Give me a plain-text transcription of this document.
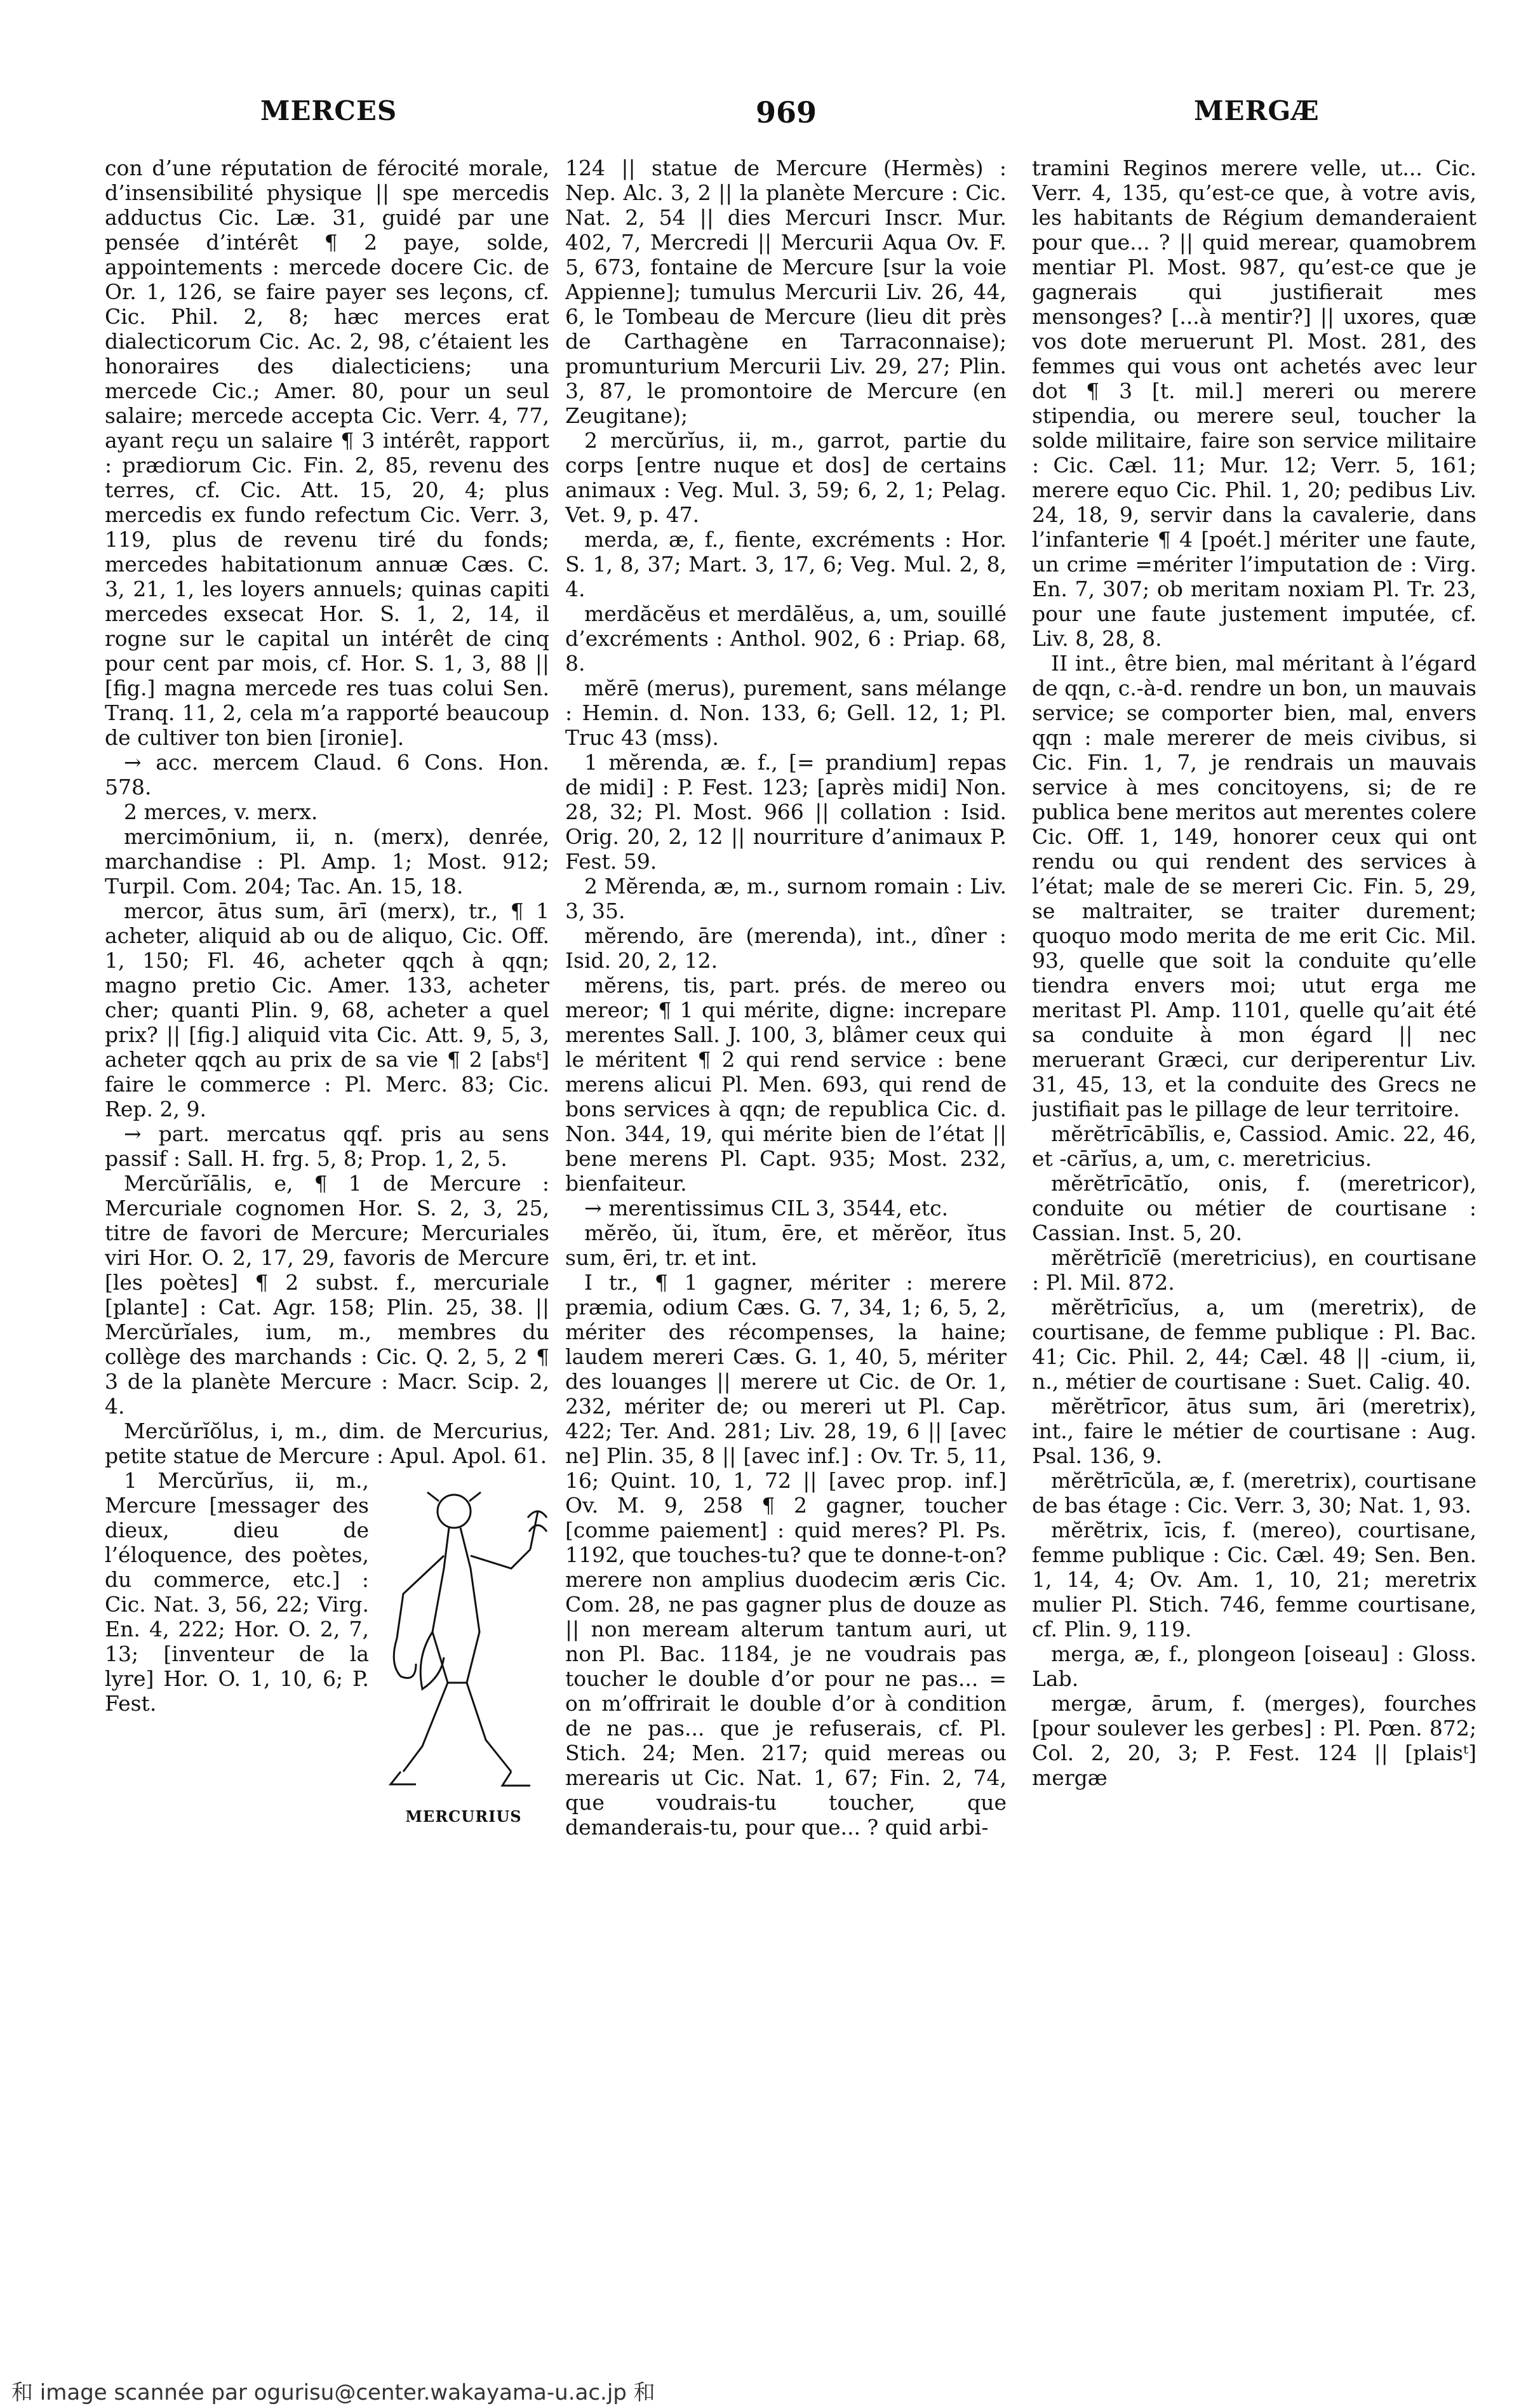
MERCES	969	MERGÆ

con d’une réputation de férocité morale, d’insensibilité physique || spe mercedis adductus Cic. Læ. 31, guidé par une pensée d’intérêt ¶ 2 paye, solde, appointements : mercede docere Cic. de Or. 1, 126, se faire payer ses leçons, cf. Cic. Phil. 2, 8; hæc merces erat dialecticorum Cic. Ac. 2, 98, c’étaient les honoraires des dialecticiens; una mercede Cic.; Amer. 80, pour un seul salaire; mercede accepta Cic. Verr. 4, 77, ayant reçu un salaire ¶ 3 intérêt, rapport : prædiorum Cic. Fin. 2, 85, revenu des terres, cf. Cic. Att. 15, 20, 4; plus mercedis ex fundo refectum Cic. Verr. 3, 119, plus de revenu tiré du fonds; mercedes habitationum annuæ Cæs. C. 3, 21, 1, les loyers annuels; quinas capiti mercedes exsecat Hor. S. 1, 2, 14, il rogne sur le capital un intérêt de cinq pour cent par mois, cf. Hor. S. 1, 3, 88 || [fig.] magna mercede res tuas colui Sen. Tranq. 11, 2, cela m’a rapporté beaucoup de cultiver ton bien [ironie].

→ acc. mercem Claud. 6 Cons. Hon. 578.

2 merces, v. merx.

mercimōnium, ii, n. (merx), denrée, marchandise : Pl. Amp. 1; Most. 912; Turpil. Com. 204; Tac. An. 15, 18.

mercor, ātus sum, ārī (merx), tr., ¶ 1 acheter, aliquid ab ou de aliquo, Cic. Off. 1, 150; Fl. 46, acheter qqch à qqn; magno pretio Cic. Amer. 133, acheter cher; quanti Plin. 9, 68, acheter a quel prix? || [fig.] aliquid vita Cic. Att. 9, 5, 3, acheter qqch au prix de sa vie ¶ 2 [absᵗ] faire le commerce : Pl. Merc. 83; Cic. Rep. 2, 9.

→ part. mercatus qqf. pris au sens passif : Sall. H. frg. 5, 8; Prop. 1, 2, 5.

Mercŭrĭālis, e, ¶ 1 de Mercure : Mercuriale cognomen Hor. S. 2, 3, 25, titre de favori de Mercure; Mercuriales viri Hor. O. 2, 17, 29, favoris de Mercure [les poètes] ¶ 2 subst. f., mercuriale [plante] : Cat. Agr. 158; Plin. 25, 38. || Mercŭrĭales, ium, m., membres du collège des marchands : Cic. Q. 2, 5, 2 ¶ 3 de la planète Mercure : Macr. Scip. 2, 4.

Mercŭrĭŏlus, i, m., dim. de Mercurius, petite statue de Mercure : Apul. Apol. 61.

MERCURIUS

1 Mercŭrĭus, ii, m., Mercure [messager des dieux, dieu de l’éloquence, des poètes, du commerce, etc.] : Cic. Nat. 3, 56, 22; Virg. En. 4, 222; Hor. O. 2, 7, 13; [inventeur de la lyre] Hor. O. 1, 10, 6; P. Fest.

124 || statue de Mercure (Hermès) : Nep. Alc. 3, 2 || la planète Mercure : Cic. Nat. 2, 54 || dies Mercuri Inscr. Mur. 402, 7, Mercredi || Mercurii Aqua Ov. F. 5, 673, fontaine de Mercure [sur la voie Appienne]; tumulus Mercurii Liv. 26, 44, 6, le Tombeau de Mercure (lieu dit près de Carthagène en Tarraconnaise); promunturium Mercurii Liv. 29, 27; Plin. 3, 87, le promontoire de Mercure (en Zeugitane);

2 mercŭrĭus, ii, m., garrot, partie du corps [entre nuque et dos] de certains animaux : Veg. Mul. 3, 59; 6, 2, 1; Pelag. Vet. 9, p. 47.

merda, æ, f., fiente, excréments : Hor. S. 1, 8, 37; Mart. 3, 17, 6; Veg. Mul. 2, 8, 4.

merdăcĕus et merdālĕus, a, um, souillé d’excréments : Anthol. 902, 6 : Priap. 68, 8.

mĕrē (merus), purement, sans mélange : Hemin. d. Non. 133, 6; Gell. 12, 1; Pl. Truc 43 (mss).

1 mĕrenda, æ. f., [= prandium] repas de midi] : P. Fest. 123; [après midi] Non. 28, 32; Pl. Most. 966 || collation : Isid. Orig. 20, 2, 12 || nourriture d’animaux P. Fest. 59.

2 Mĕrenda, æ, m., surnom romain : Liv. 3, 35.

mĕrendo, āre (merenda), int., dîner : Isid. 20, 2, 12.

mĕrens, tis, part. prés. de mereo ou mereor; ¶ 1 qui mérite, digne: increpare merentes Sall. J. 100, 3, blâmer ceux qui le méritent ¶ 2 qui rend service : bene merens alicui Pl. Men. 693, qui rend de bons services à qqn; de republica Cic. d. Non. 344, 19, qui mérite bien de l’état || bene merens Pl. Capt. 935; Most. 232, bienfaiteur.

→ merentissimus CIL 3, 3544, etc.

mĕrĕo, ŭi, ĭtum, ēre, et mĕrĕor, ĭtus sum, ēri, tr. et int.

I tr., ¶ 1 gagner, mériter : merere præmia, odium Cæs. G. 7, 34, 1; 6, 5, 2, mériter des récompenses, la haine; laudem mereri Cæs. G. 1, 40, 5, mériter des louanges || merere ut Cic. de Or. 1, 232, mériter de; ou mereri ut Pl. Cap. 422; Ter. And. 281; Liv. 28, 19, 6 || [avec ne] Plin. 35, 8 || [avec inf.] : Ov. Tr. 5, 11, 16; Quint. 10, 1, 72 || [avec prop. inf.] Ov. M. 9, 258 ¶ 2 gagner, toucher [comme paiement] : quid meres? Pl. Ps. 1192, que touches-tu? que te donne-t-on? merere non amplius duodecim æris Cic. Com. 28, ne pas gagner plus de douze as || non meream alterum tantum auri, ut non Pl. Bac. 1184, je ne voudrais pas toucher le double d’or pour ne pas... = on m’offrirait le double d’or à condition de ne pas... que je refuserais, cf. Pl. Stich. 24; Men. 217; quid mereas ou merearis ut Cic. Nat. 1, 67; Fin. 2, 74, que voudrais-tu toucher, que demanderais-tu, pour que... ? quid arbi-

tramini Reginos merere velle, ut... Cic. Verr. 4, 135, qu’est-ce que, à votre avis, les habitants de Régium demanderaient pour que... ? || quid merear, quamobrem mentiar Pl. Most. 987, qu’est-ce que je gagnerais qui justifierait mes mensonges? [...à mentir?] || uxores, quæ vos dote meruerunt Pl. Most. 281, des femmes qui vous ont achetés avec leur dot ¶ 3 [t. mil.] mereri ou merere stipendia, ou merere seul, toucher la solde militaire, faire son service militaire : Cic. Cæl. 11; Mur. 12; Verr. 5, 161; merere equo Cic. Phil. 1, 20; pedibus Liv. 24, 18, 9, servir dans la cavalerie, dans l’infanterie ¶ 4 [poét.] mériter une faute, un crime =mériter l’imputation de : Virg. En. 7, 307; ob meritam noxiam Pl. Tr. 23, pour une faute justement imputée, cf. Liv. 8, 28, 8.

II int., être bien, mal méritant à l’égard de qqn, c.-à-d. rendre un bon, un mauvais service; se comporter bien, mal, envers qqn : male mererer de meis civibus, si Cic. Fin. 1, 7, je rendrais un mauvais service à mes concitoyens, si; de re publica bene meritos aut merentes colere Cic. Off. 1, 149, honorer ceux qui ont rendu ou qui rendent des services à l’état; male de se mereri Cic. Fin. 5, 29, se maltraiter, se traiter durement; quoquo modo merita de me erit Cic. Mil. 93, quelle que soit la conduite qu’elle tiendra envers moi; utut erga me meritast Pl. Amp. 1101, quelle qu’ait été sa conduite à mon égard || nec meruerant Græci, cur deriperentur Liv. 31, 45, 13, et la conduite des Grecs ne justifiait pas le pillage de leur territoire.

mĕrĕtrīcābĭlis, e, Cassiod. Amic. 22, 46, et -cārĭus, a, um, c. meretricius.

mĕrĕtrīcātĭo, onis, f. (meretricor), conduite ou métier de courtisane : Cassian. Inst. 5, 20.

mĕrĕtrīcĭē (meretricius), en courtisane : Pl. Mil. 872.

mĕrĕtrīcĭus, a, um (meretrix), de courtisane, de femme publique : Pl. Bac. 41; Cic. Phil. 2, 44; Cæl. 48 || -cium, ii, n., métier de courtisane : Suet. Calig. 40.

mĕrĕtrīcor, ātus sum, āri (meretrix), int., faire le métier de courtisane : Aug. Psal. 136, 9.

mĕrĕtrīcŭla, æ, f. (meretrix), courtisane de bas étage : Cic. Verr. 3, 30; Nat. 1, 93.

mĕrĕtrix, īcis, f. (mereo), courtisane, femme publique : Cic. Cæl. 49; Sen. Ben. 1, 14, 4; Ov. Am. 1, 10, 21; meretrix mulier Pl. Stich. 746, femme courtisane, cf. Plin. 9, 119.

merga, æ, f., plongeon [oiseau] : Gloss. Lab.

mergæ, ārum, f. (merges), fourches [pour soulever les gerbes] : Pl. Pœn. 872; Col. 2, 20, 3; P. Fest. 124 || [plaisᵗ] mergæ

和 image scannée par ogurisu@center.wakayama-u.ac.jp 和
